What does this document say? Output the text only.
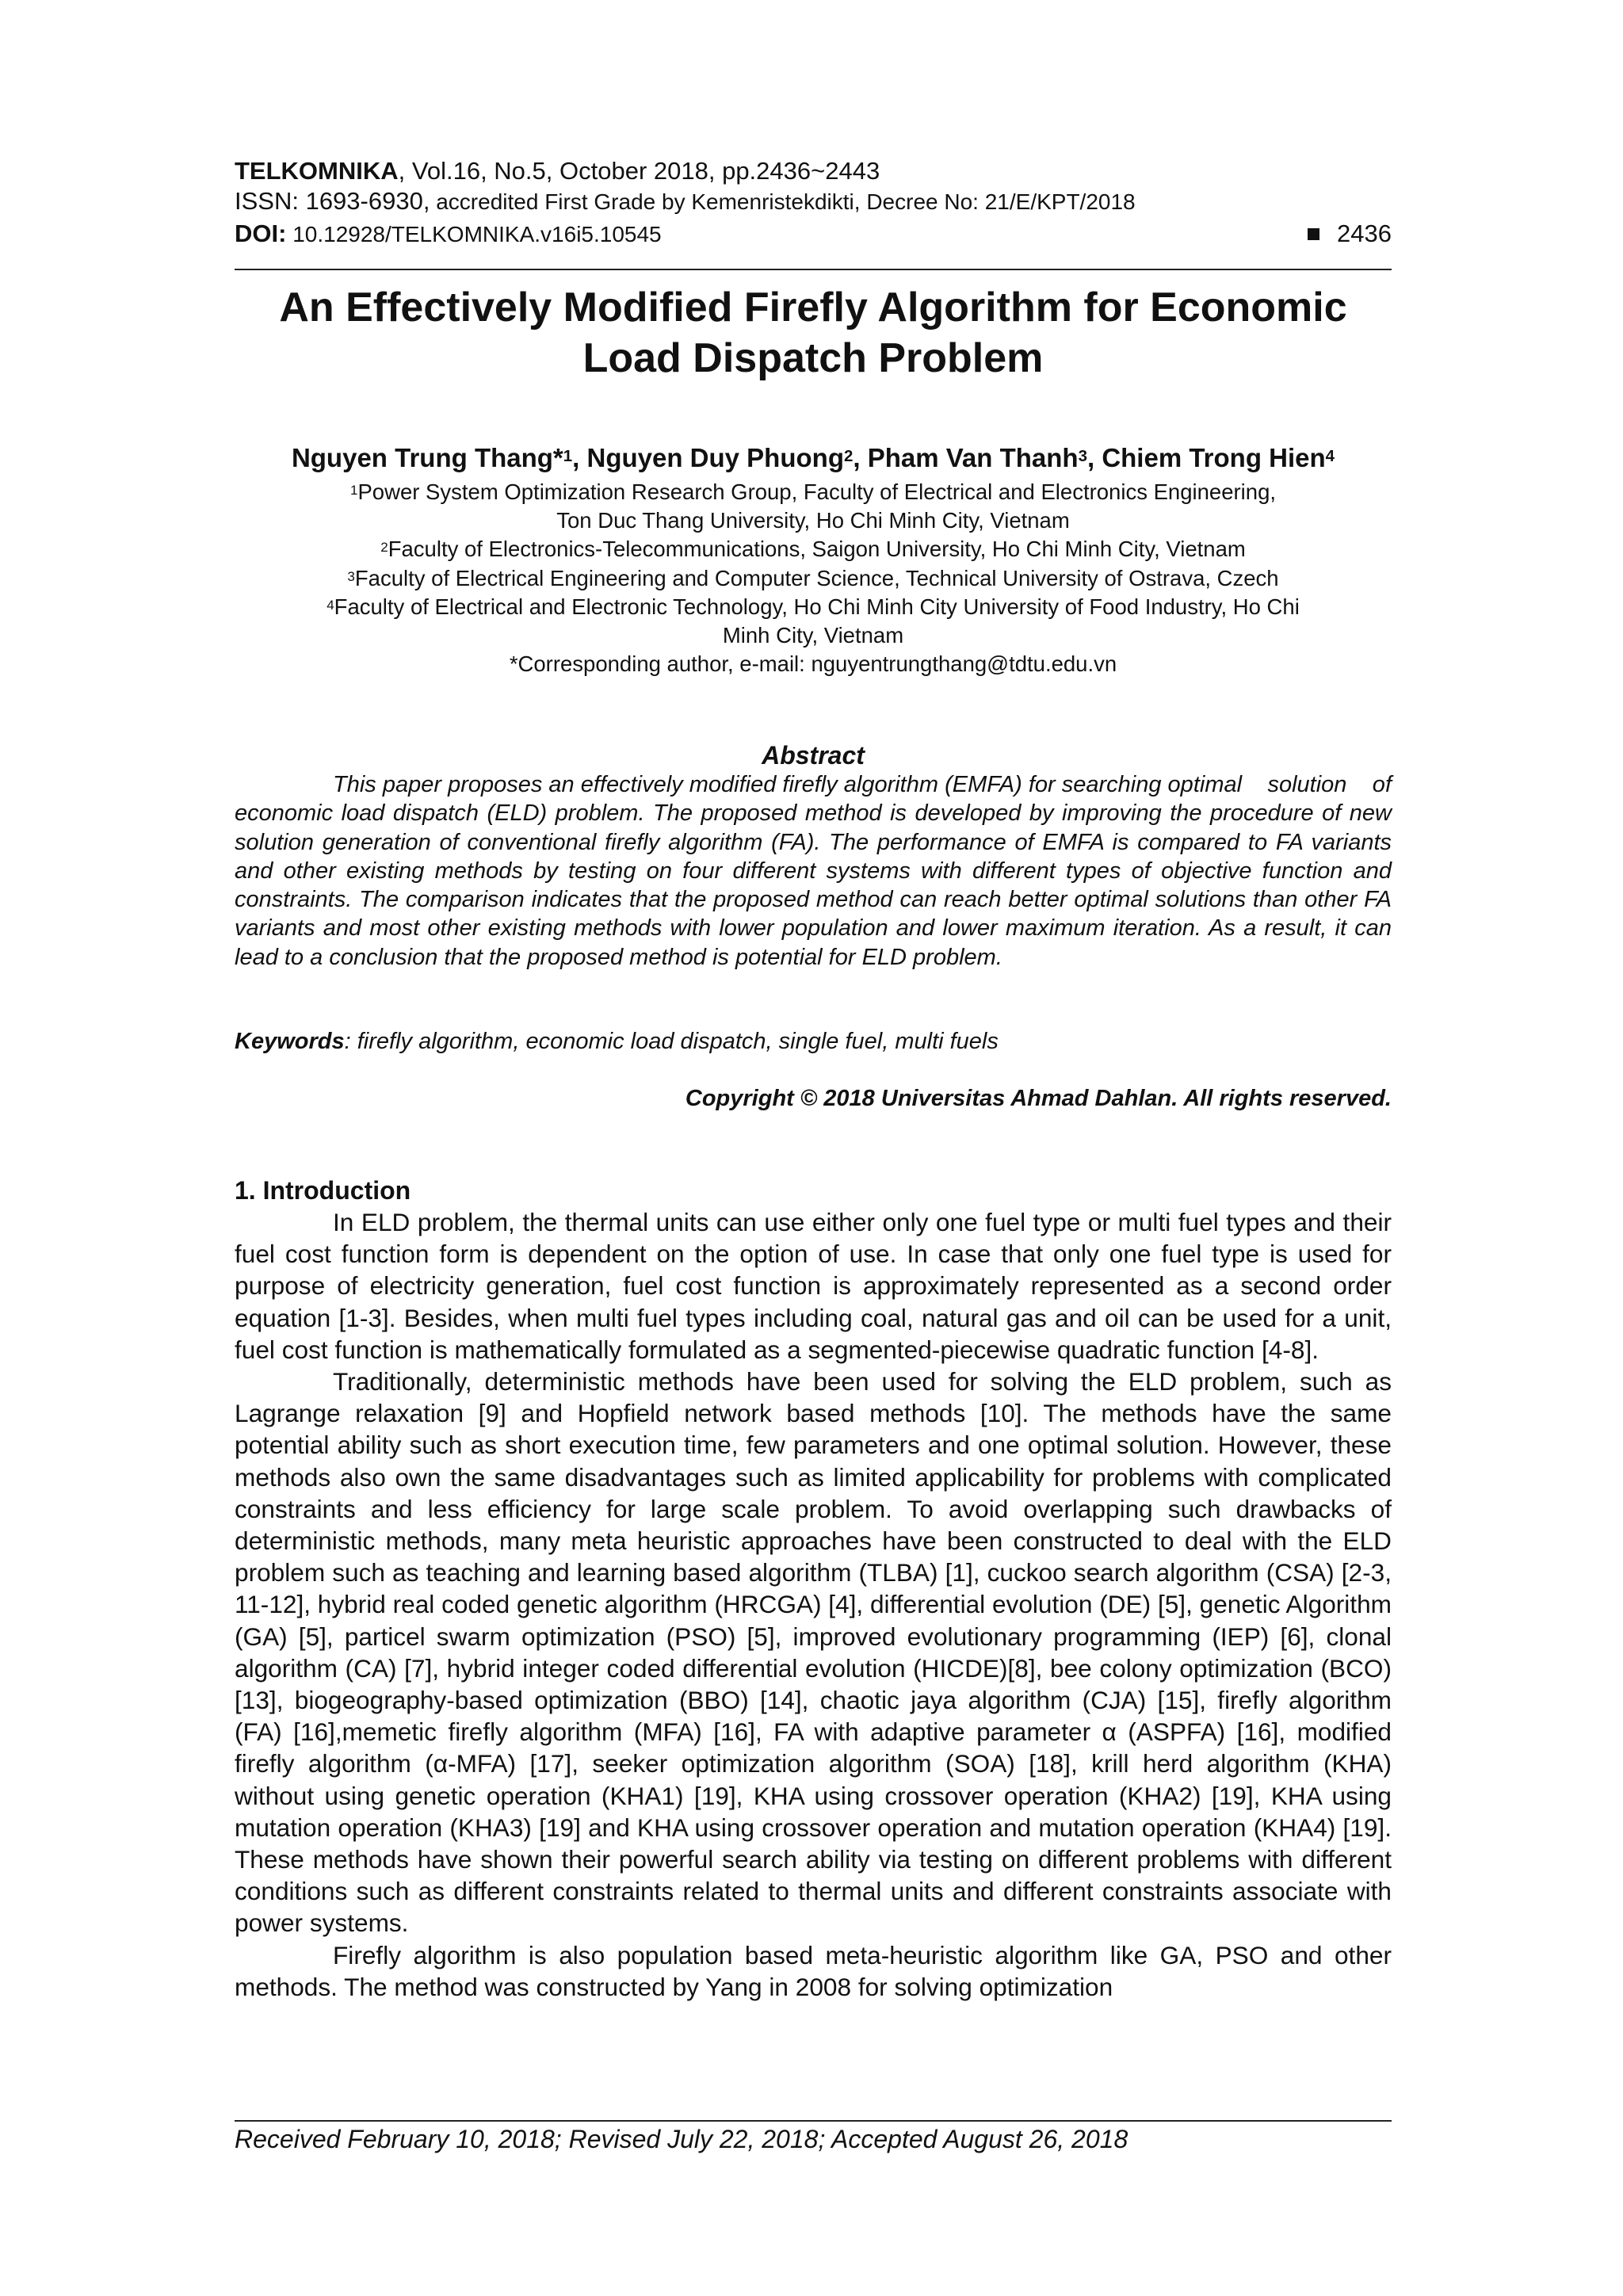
TELKOMNIKA, Vol.16, No.5, October 2018, pp.2436~2443
ISSN: 1693-6930, accredited First Grade by Kemenristekdikti, Decree No: 21/E/KPT/2018
DOI: 10.12928/TELKOMNIKA.v16i5.10545	2436
An Effectively Modified Firefly Algorithm for Economic Load Dispatch Problem
Nguyen Trung Thang*$^1$, Nguyen Duy Phuong$^2$, Pham Van Thanh$^3$, Chiem Trong Hien$^4$
$^1$Power System Optimization Research Group, Faculty of Electrical and Electronics Engineering,
Ton Duc Thang University, Ho Chi Minh City, Vietnam
$^2$Faculty of Electronics-Telecommunications, Saigon University, Ho Chi Minh City, Vietnam
$^3$Faculty of Electrical Engineering and Computer Science, Technical University of Ostrava, Czech
$^4$Faculty of Electrical and Electronic Technology, Ho Chi Minh City University of Food Industry, Ho Chi
Minh City, Vietnam
*Corresponding author, e-mail: nguyentrungthang@tdtu.edu.vn
Abstract
This paper proposes an effectively modified firefly algorithm (EMFA) for searching optimal solution of economic load dispatch (ELD) problem. The proposed method is developed by improving the procedure of new solution generation of conventional firefly algorithm (FA). The performance of EMFA is compared to FA variants and other existing methods by testing on four different systems with different types of objective function and constraints. The comparison indicates that the proposed method can reach better optimal solutions than other FA variants and most other existing methods with lower population and lower maximum iteration. As a result, it can lead to a conclusion that the proposed method is potential for ELD problem.
Keywords: firefly algorithm, economic load dispatch, single fuel, multi fuels
Copyright © 2018 Universitas Ahmad Dahlan. All rights reserved.
1. Introduction

In ELD problem, the thermal units can use either only one fuel type or multi fuel types and their fuel cost function form is dependent on the option of use. In case that only one fuel type is used for purpose of electricity generation, fuel cost function is approximately represented as a second order equation [1-3]. Besides, when multi fuel types including coal, natural gas and oil can be used for a unit, fuel cost function is mathematically formulated as a segmented-piecewise quadratic function [4-8].

Traditionally, deterministic methods have been used for solving the ELD problem, such as Lagrange relaxation [9] and Hopfield network based methods [10]. The methods have the same potential ability such as short execution time, few parameters and one optimal solution. However, these methods also own the same disadvantages such as limited applicability for problems with complicated constraints and less efficiency for large scale problem. To avoid overlapping such drawbacks of deterministic methods, many meta heuristic approaches have been constructed to deal with the ELD problem such as teaching and learning based algorithm (TLBA) [1], cuckoo search algorithm (CSA) [2-3, 11-12], hybrid real coded genetic algorithm (HRCGA) [4], differential evolution (DE) [5], genetic Algorithm (GA) [5], particel swarm optimization (PSO) [5], improved evolutionary programming (IEP) [6], clonal algorithm (CA) [7], hybrid integer coded differential evolution (HICDE)[8], bee colony optimization (BCO) [13], biogeography-based optimization (BBO) [14], chaotic jaya algorithm (CJA) [15], firefly algorithm (FA) [16],memetic firefly algorithm (MFA) [16], FA with adaptive parameter α (ASPFA) [16], modified firefly algorithm (α-MFA) [17], seeker optimization algorithm (SOA) [18], krill herd algorithm (KHA) without using genetic operation (KHA1) [19], KHA using crossover operation (KHA2) [19], KHA using mutation operation (KHA3) [19] and KHA using crossover operation and mutation operation (KHA4) [19]. These methods have shown their powerful search ability via testing on different problems with different conditions such as different constraints related to thermal units and different constraints associate with power systems.

Firefly algorithm is also population based meta-heuristic algorithm like GA, PSO and other methods. The method was constructed by Yang in 2008 for solving optimization

Received February 10, 2018; Revised July 22, 2018; Accepted August 26, 2018
